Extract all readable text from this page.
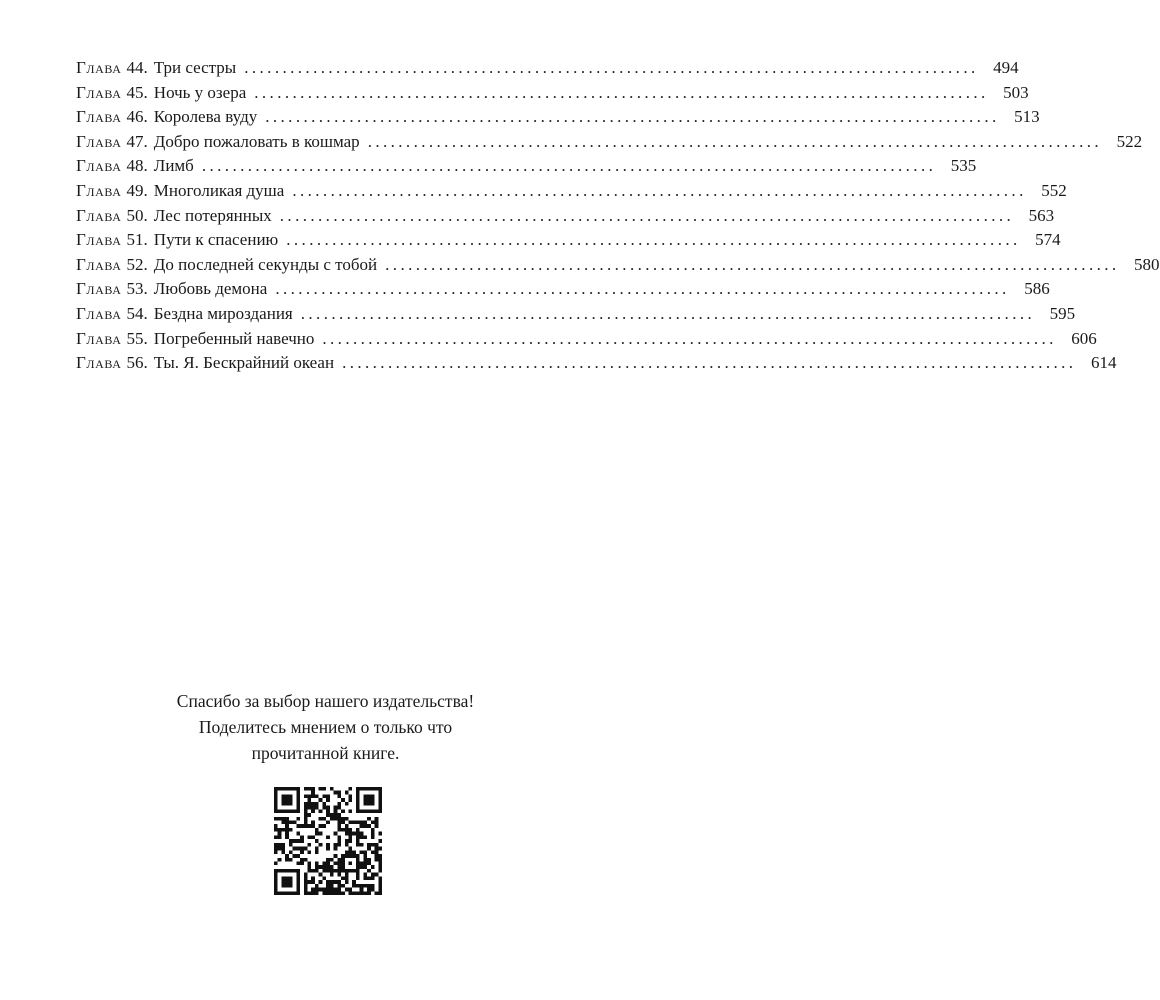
Глава 44 . Три сестры ................................................................................................ 494
Глава 45 . Ночь у озера ................................................................................................ 503
Глава 46 . Королева вуду ................................................................................................ 513
Глава 47 . Добро пожаловать в кошмар ................................................................................................ 522
Глава 48 . Лимб ................................................................................................ 535
Глава 49 . Многоликая душа ................................................................................................ 552
Глава 50 . Лес потерянных ................................................................................................ 563
Глава 51 . Пути к спасению ................................................................................................ 574
Глава 52 . До последней секунды с тобой ................................................................................................ 580
Глава 53 . Любовь демона ................................................................................................ 586
Глава 54 . Бездна мироздания ................................................................................................ 595
Глава 55 . Погребенный навечно ................................................................................................ 606
Глава 56 . Ты. Я. Бескрайний океан ................................................................................................ 614
Спасибо за выбор нашего издательства!
Поделитесь мнением о только что
прочитанной книге.
